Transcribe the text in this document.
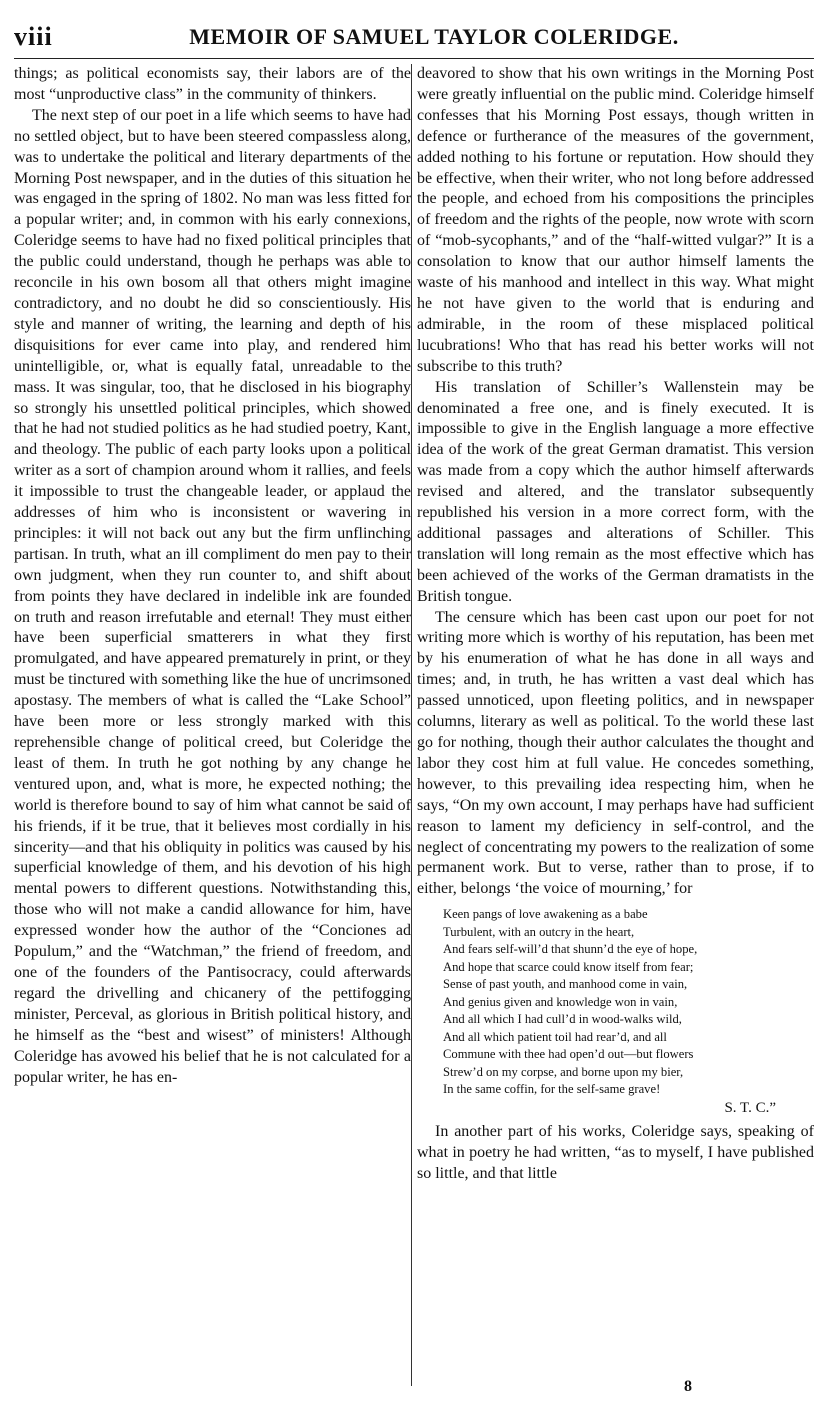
viii	MEMOIR OF SAMUEL TAYLOR COLERIDGE.

things; as political economists say, their labors are of the most “unproductive class” in the community of thinkers.

The next step of our poet in a life which seems to have had no settled object, but to have been steered compassless along, was to undertake the political and literary departments of the Morning Post newspaper, and in the duties of this situation he was engaged in the spring of 1802. No man was less fitted for a popular writer; and, in common with his early connexions, Coleridge seems to have had no fixed political principles that the public could understand, though he perhaps was able to reconcile in his own bosom all that others might imagine contradictory, and no doubt he did so conscientiously. His style and manner of writing, the learning and depth of his disquisitions for ever came into play, and rendered him unintelligible, or, what is equally fatal, unreadable to the mass. It was singular, too, that he disclosed in his biography so strongly his unsettled political principles, which showed that he had not studied politics as he had studied poetry, Kant, and theology. The public of each party looks upon a political writer as a sort of champion around whom it rallies, and feels it impossible to trust the changeable leader, or applaud the addresses of him who is inconsistent or wavering in principles: it will not back out any but the firm unflinching partisan. In truth, what an ill compliment do men pay to their own judgment, when they run counter to, and shift about from points they have declared in indelible ink are founded on truth and reason irrefutable and eternal! They must either have been superficial smatterers in what they first promulgated, and have appeared prematurely in print, or they must be tinctured with something like the hue of uncrimsoned apostasy. The members of what is called the “Lake School” have been more or less strongly marked with this reprehensible change of political creed, but Coleridge the least of them. In truth he got nothing by any change he ventured upon, and, what is more, he expected nothing; the world is therefore bound to say of him what cannot be said of his friends, if it be true, that it believes most cordially in his sincerity—and that his obliquity in politics was caused by his superficial knowledge of them, and his devotion of his high mental powers to different questions. Notwithstanding this, those who will not make a candid allowance for him, have expressed wonder how the author of the “Conciones ad Populum,” and the “Watchman,” the friend of freedom, and one of the founders of the Pantisocracy, could afterwards regard the drivelling and chicanery of the pettifogging minister, Perceval, as glorious in British political history, and he himself as the “best and wisest” of ministers! Although Coleridge has avowed his belief that he is not calculated for a popular writer, he has en-

deavored to show that his own writings in the Morning Post were greatly influential on the public mind. Coleridge himself confesses that his Morning Post essays, though written in defence or furtherance of the measures of the government, added nothing to his fortune or reputation. How should they be effective, when their writer, who not long before addressed the people, and echoed from his compositions the principles of freedom and the rights of the people, now wrote with scorn of “mob-sycophants,” and of the “half-witted vulgar?” It is a consolation to know that our author himself laments the waste of his manhood and intellect in this way. What might he not have given to the world that is enduring and admirable, in the room of these misplaced political lucubrations! Who that has read his better works will not subscribe to this truth?

His translation of Schiller’s Wallenstein may be denominated a free one, and is finely executed. It is impossible to give in the English language a more effective idea of the work of the great German dramatist. This version was made from a copy which the author himself afterwards revised and altered, and the translator subsequently republished his version in a more correct form, with the additional passages and alterations of Schiller. This translation will long remain as the most effective which has been achieved of the works of the German dramatists in the British tongue.

The censure which has been cast upon our poet for not writing more which is worthy of his reputation, has been met by his enumeration of what he has done in all ways and times; and, in truth, he has written a vast deal which has passed unnoticed, upon fleeting politics, and in newspaper columns, literary as well as political. To the world these last go for nothing, though their author calculates the thought and labor they cost him at full value. He concedes something, however, to this prevailing idea respecting him, when he says, “On my own account, I may perhaps have had sufficient reason to lament my deficiency in self-control, and the neglect of concentrating my powers to the realization of some permanent work. But to verse, rather than to prose, if to either, belongs ‘the voice of mourning,’ for

Keen pangs of love awakening as a babe
Turbulent, with an outcry in the heart,
And fears self-will’d that shunn’d the eye of hope,
And hope that scarce could know itself from fear;
Sense of past youth, and manhood come in vain,
And genius given and knowledge won in vain,
And all which I had cull’d in wood-walks wild,
And all which patient toil had rear’d, and all
Commune with thee had open’d out—but flowers
Strew’d on my corpse, and borne upon my bier,
In the same coffin, for the self-same grave!
S. T. C.”

In another part of his works, Coleridge says, speaking of what in poetry he had written, “as to myself, I have published so little, and that little

8
